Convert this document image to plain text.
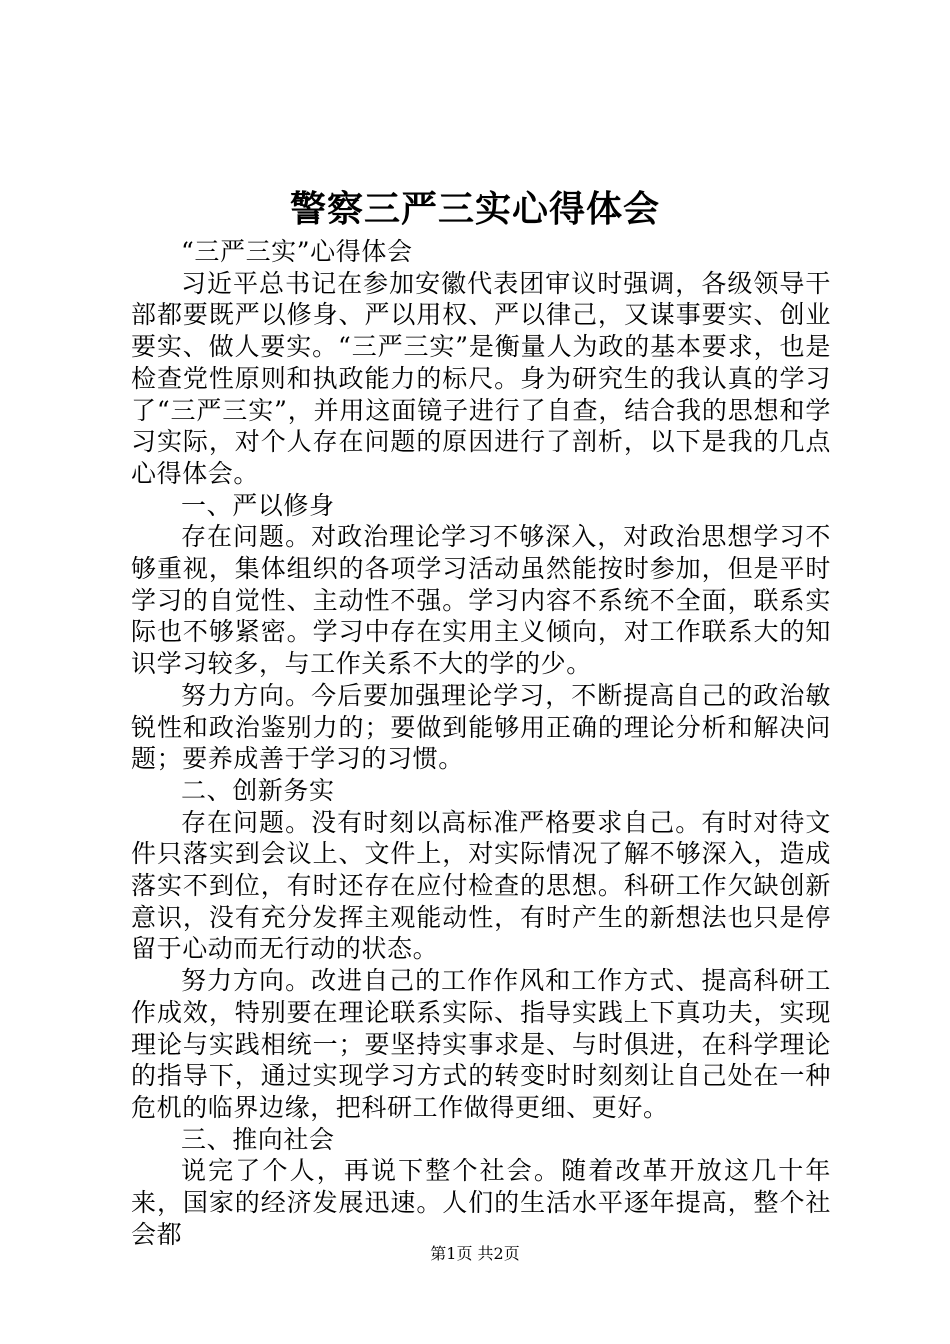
警察三严三实心得体会

“三严三实”心得体会

习近平总书记在参加安徽代表团审议时强调，各级领导干部都要既严以修身、严以用权、严以律己，又谋事要实、创业要实、做人要实。“三严三实”是衡量人为政的基本要求，也是检查党性原则和执政能力的标尺。身为研究生的我认真的学习了“三严三实”，并用这面镜子进行了自查，结合我的思想和学习实际，对个人存在问题的原因进行了剖析，以下是我的几点心得体会。

一、严以修身

存在问题。对政治理论学习不够深入，对政治思想学习不够重视，集体组织的各项学习活动虽然能按时参加，但是平时学习的自觉性、主动性不强。学习内容不系统不全面，联系实际也不够紧密。学习中存在实用主义倾向，对工作联系大的知识学习较多，与工作关系不大的学的少。

努力方向。今后要加强理论学习，不断提高自己的政治敏锐性和政治鉴别力的；要做到能够用正确的理论分析和解决问题；要养成善于学习的习惯。

二、创新务实

存在问题。没有时刻以高标准严格要求自己。有时对待文件只落实到会议上、文件上，对实际情况了解不够深入，造成落实不到位，有时还存在应付检查的思想。科研工作欠缺创新意识，没有充分发挥主观能动性，有时产生的新想法也只是停留于心动而无行动的状态。

努力方向。改进自己的工作作风和工作方式、提高科研工作成效，特别要在理论联系实际、指导实践上下真功夫，实现理论与实践相统一；要坚持实事求是、与时俱进，在科学理论的指导下，通过实现学习方式的转变时时刻刻让自己处在一种危机的临界边缘，把科研工作做得更细、更好。

三、推向社会

说完了个人，再说下整个社会。随着改革开放这几十年来，国家的经济发展迅速。人们的生活水平逐年提高，整个社会都

第1页 共2页
